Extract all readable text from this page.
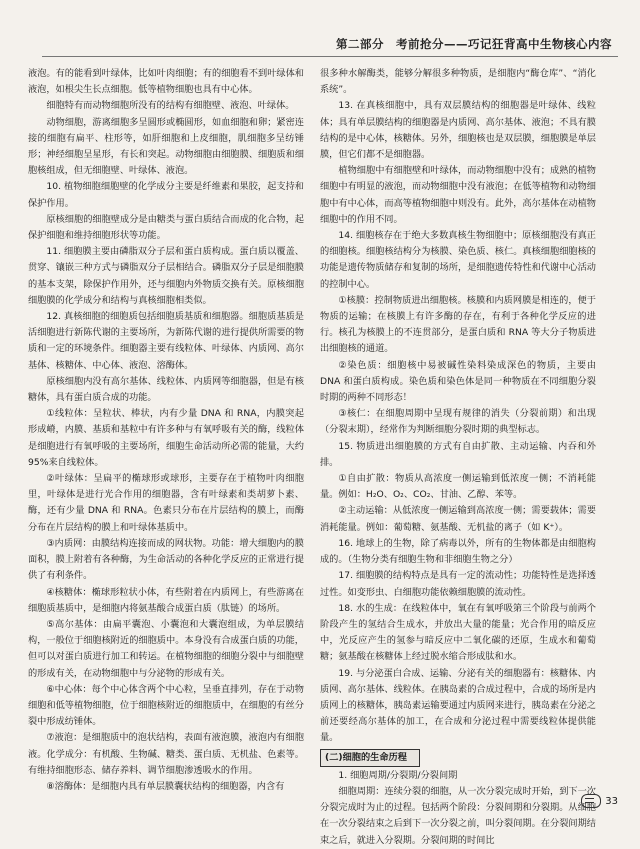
第二部分　考前抢分——巧记狂背高中生物核心内容

液泡。有的能看到叶绿体，比如叶肉细胞；有的细胞看不到叶绿体和液泡，如根尖生长点细胞。低等植物细胞也具有中心体。

细胞特有而动物细胞所没有的结构有细胞壁、液泡、叶绿体。

动物细胞，游离细胞多呈圆形或椭圆形，如血细胞和卵；紧密连接的细胞有扁平、柱形等，如肝细胞和上皮细胞，肌细胞多呈纺锤形；神经细胞呈星形，有长和突起。动物细胞由细胞膜、细胞质和细胞核组成，但无细胞壁、叶绿体、液泡。

10. 植物细胞细胞壁的化学成分主要是纤维素和果胶，起支持和保护作用。

原核细胞的细胞壁成分是由糖类与蛋白质结合而成的化合物，起保护细胞和维持细胞形状等功能。

11. 细胞膜主要由磷脂双分子层和蛋白质构成。蛋白质以覆盖、贯穿、镶嵌三种方式与磷脂双分子层相结合。磷脂双分子层是细胞膜的基本支架，除保护作用外，还与细胞内外物质交换有关。原核细胞细胞膜的化学成分和结构与真核细胞相类似。

12. 真核细胞的细胞质包括细胞质基质和细胞器。细胞质基质是活细胞进行新陈代谢的主要场所，为新陈代谢的进行提供所需要的物质和一定的环境条件。细胞器主要有线粒体、叶绿体、内质网、高尔基体、核糖体、中心体、液泡、溶酶体。

原核细胞内没有高尔基体、线粒体、内质网等细胞器，但是有核糖体，具有蛋白质合成的功能。

①线粒体：呈粒状、棒状，内有少量 DNA 和 RNA，内膜突起形成嵴，内膜、基质和基粒中有许多种与有氧呼吸有关的酶，线粒体是细胞进行有氧呼吸的主要场所，细胞生命活动所必需的能量，大约 95%来自线粒体。

②叶绿体：呈扁平的椭球形或球形，主要存在于植物叶肉细胞里，叶绿体是进行光合作用的细胞器，含有叶绿素和类胡萝卜素、酶，还有少量 DNA 和 RNA。色素只分布在片层结构的膜上，而酶分布在片层结构的膜上和叶绿体基质中。

③内质网：由膜结构连接而成的网状物。功能：增大细胞内的膜面积，膜上附着有各种酶，为生命活动的各种化学反应的正常进行提供了有利条件。

④核糖体：椭球形粒状小体，有些附着在内质网上，有些游离在细胞质基质中，是细胞内将氨基酸合成蛋白质（肽链）的场所。

⑤高尔基体：由扁平囊泡、小囊泡和大囊泡组成，为单层膜结构，一般位于细胞核附近的细胞质中。本身没有合成蛋白质的功能，但可以对蛋白质进行加工和转运。在植物细胞的细胞分裂中与细胞壁的形成有关，在动物细胞中与分泌物的形成有关。

⑥中心体：每个中心体含两个中心粒，呈垂直排列，存在于动物细胞和低等植物细胞，位于细胞核附近的细胞质中，在细胞的有丝分裂中形成纺锤体。

⑦液泡：是细胞质中的泡状结构，表面有液泡膜，液泡内有细胞液。化学成分：有机酸、生物碱、糖类、蛋白质、无机盐、色素等。有维持细胞形态、储存养料、调节细胞渗透吸水的作用。

⑧溶酶体：是细胞内具有单层膜囊状结构的细胞器，内含有

很多种水解酶类，能够分解很多种物质，是细胞内“酶仓库”、“消化系统”。

13. 在真核细胞中，具有双层膜结构的细胞器是叶绿体、线粒体；具有单层膜结构的细胞器是内质网、高尔基体、液泡；不具有膜结构的是中心体，核糖体。另外，细胞核也是双层膜，细胞膜是单层膜，但它们都不是细胞器。

植物细胞中有细胞壁和叶绿体，而动物细胞中没有；成熟的植物细胞中有明显的液泡，而动物细胞中没有液泡；在低等植物和动物细胞中有中心体，而高等植物细胞中则没有。此外，高尔基体在动植物细胞中的作用不同。

14. 细胞核存在于绝大多数真核生物细胞中；原核细胞没有真正的细胞核。细胞核结构分为核膜、染色质、核仁。真核细胞细胞核的功能是遗传物质储存和复制的场所，是细胞遗传特性和代谢中心活动的控制中心。

①核膜：控制物质进出细胞核。核膜和内质网膜是相连的，便于物质的运输；在核膜上有许多酶的存在，有利于各种化学反应的进行。核孔为核膜上的不连贯部分，是蛋白质和 RNA 等大分子物质进出细胞核的通道。

②染色质：细胞核中易被碱性染料染成深色的物质，主要由 DNA 和蛋白质构成。染色质和染色体是同一种物质在不同细胞分裂时期的两种不同形态！

③核仁：在细胞周期中呈现有规律的消失（分裂前期）和出现（分裂末期），经常作为判断细胞分裂时期的典型标志。

15. 物质进出细胞膜的方式有自由扩散、主动运输、内吞和外排。

①自由扩散：物质从高浓度一侧运输到低浓度一侧；不消耗能量。例如：H₂O、O₂、CO₂、甘油、乙醇、苯等。

②主动运输：从低浓度一侧运输到高浓度一侧；需要载体；需要消耗能量。例如：葡萄糖、氨基酸、无机盐的离子（如 K⁺）。

16. 地球上的生物，除了病毒以外，所有的生物体都是由细胞构成的。（生物分类有细胞生物和非细胞生物之分）

17. 细胞膜的结构特点是具有一定的流动性；功能特性是选择透过性。如变形虫、白细胞功能依赖细胞膜的流动性。

18. 水的生成：在线粒体中，氧在有氧呼吸第三个阶段与前两个阶段产生的氢结合生成水，并放出大量的能量；光合作用的暗反应中，光反应产生的氢参与暗反应中二氧化碳的还原，生成水和葡萄糖；氨基酸在核糖体上经过脱水缩合形成肽和水。

19. 与分泌蛋白合成、运输、分泌有关的细胞器有：核糖体、内质网、高尔基体、线粒体。在胰岛素的合成过程中，合成的场所是内质网上的核糖体，胰岛素运输要通过内质网来进行，胰岛素在分泌之前还要经高尔基体的加工，在合成和分泌过程中需要线粒体提供能量。

(二)细胞的生命历程

1. 细胞周期/分裂期/分裂间期

细胞周期：连续分裂的细胞，从一次分裂完成时开始，到下一次分裂完成时为止的过程。包括两个阶段：分裂间期和分裂期。从细胞在一次分裂结束之后到下一次分裂之前，叫分裂间期。在分裂间期结束之后，就进入分裂期。分裂间期的时间比

33
